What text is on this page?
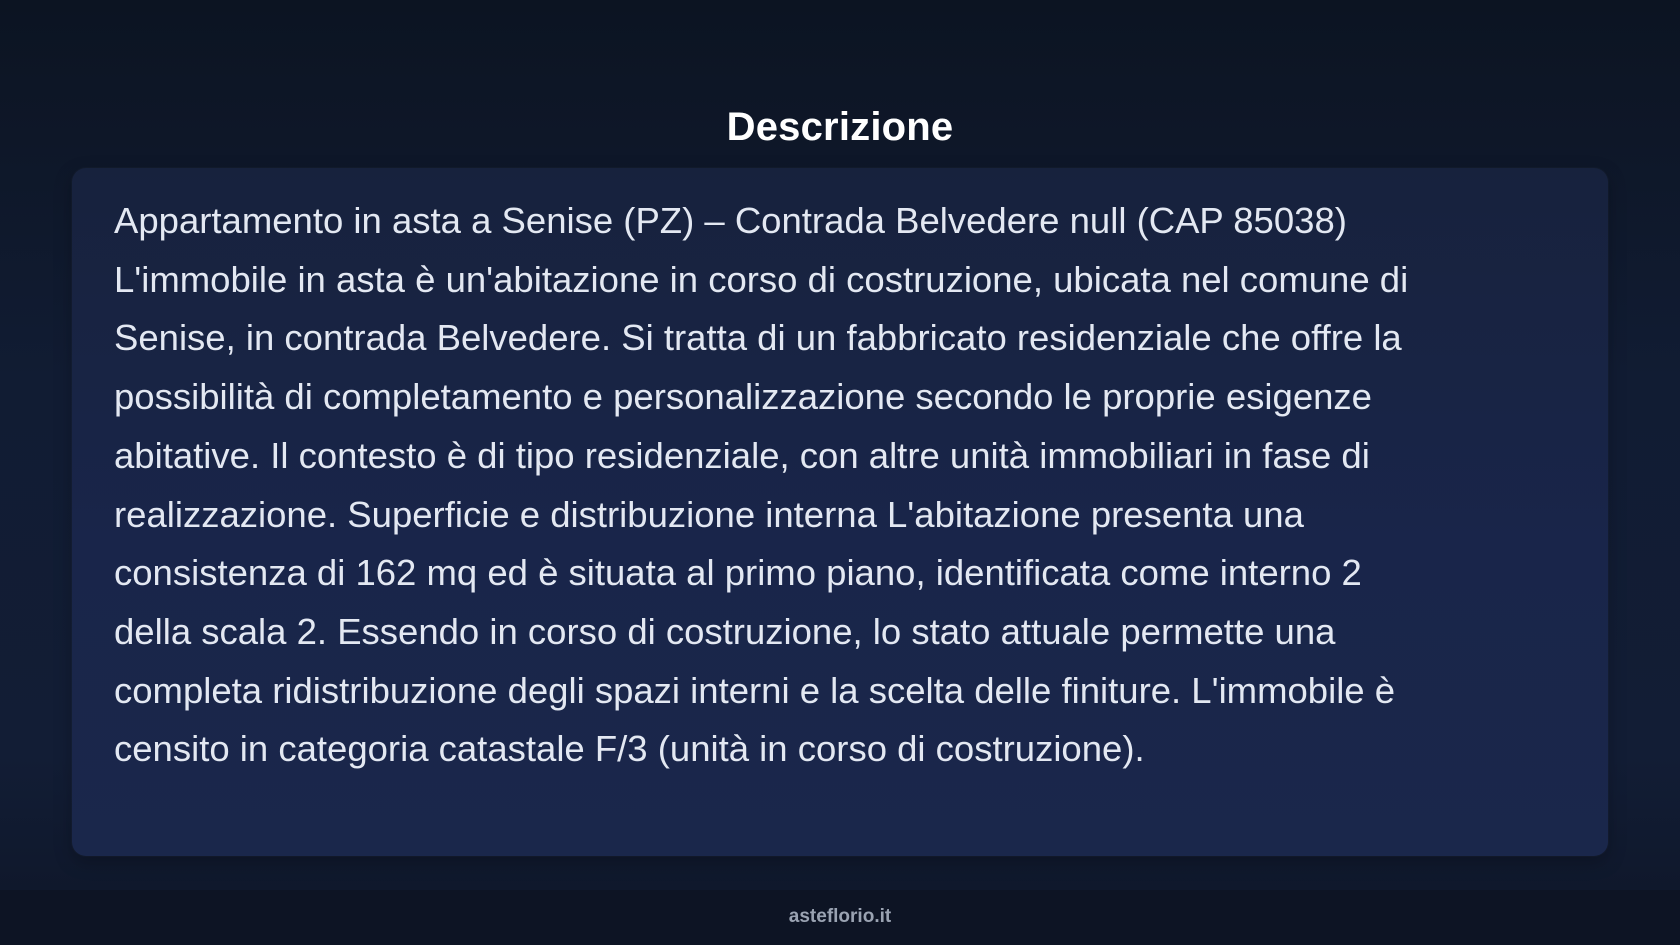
Descrizione

Appartamento in asta a Senise (PZ) – Contrada Belvedere null (CAP 85038)
L'immobile in asta è un'abitazione in corso di costruzione, ubicata nel comune di
Senise, in contrada Belvedere. Si tratta di un fabbricato residenziale che offre la
possibilità di completamento e personalizzazione secondo le proprie esigenze
abitative. Il contesto è di tipo residenziale, con altre unità immobiliari in fase di
realizzazione. Superficie e distribuzione interna L'abitazione presenta una
consistenza di 162 mq ed è situata al primo piano, identificata come interno 2
della scala 2. Essendo in corso di costruzione, lo stato attuale permette una
completa ridistribuzione degli spazi interni e la scelta delle finiture. L'immobile è
censito in categoria catastale F/3 (unità in corso di costruzione).

asteflorio.it
